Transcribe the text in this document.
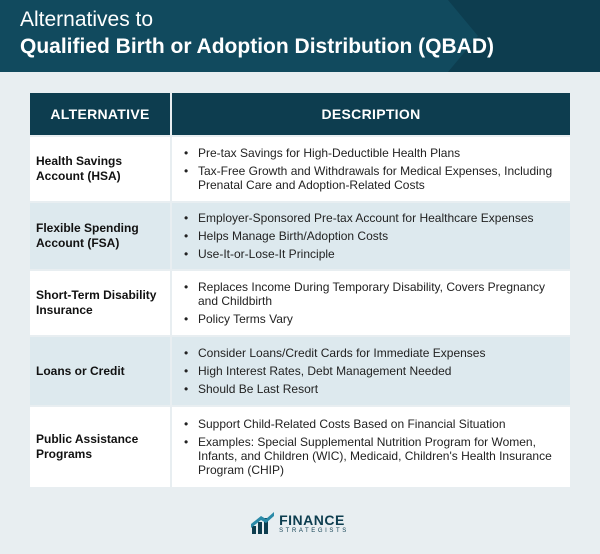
Alternatives to
Qualified Birth or Adoption Distribution (QBAD)
ALTERNATIVE	DESCRIPTION
Health Savings Account (HSA)
• Pre-tax Savings for High-Deductible Health Plans
• Tax-Free Growth and Withdrawals for Medical Expenses, Including Prenatal Care and Adoption-Related Costs
Flexible Spending Account (FSA)
• Employer-Sponsored Pre-tax Account for Healthcare Expenses
• Helps Manage Birth/Adoption Costs
• Use-It-or-Lose-It Principle
Short-Term Disability Insurance
• Replaces Income During Temporary Disability, Covers Pregnancy and Childbirth
• Policy Terms Vary
Loans or Credit
• Consider Loans/Credit Cards for Immediate Expenses
• High Interest Rates, Debt Management Needed
• Should Be Last Resort
Public Assistance Programs
• Support Child-Related Costs Based on Financial Situation
• Examples: Special Supplemental Nutrition Program for Women, Infants, and Children (WIC), Medicaid, Children's Health Insurance Program (CHIP)
FINANCE
STRATEGISTS
